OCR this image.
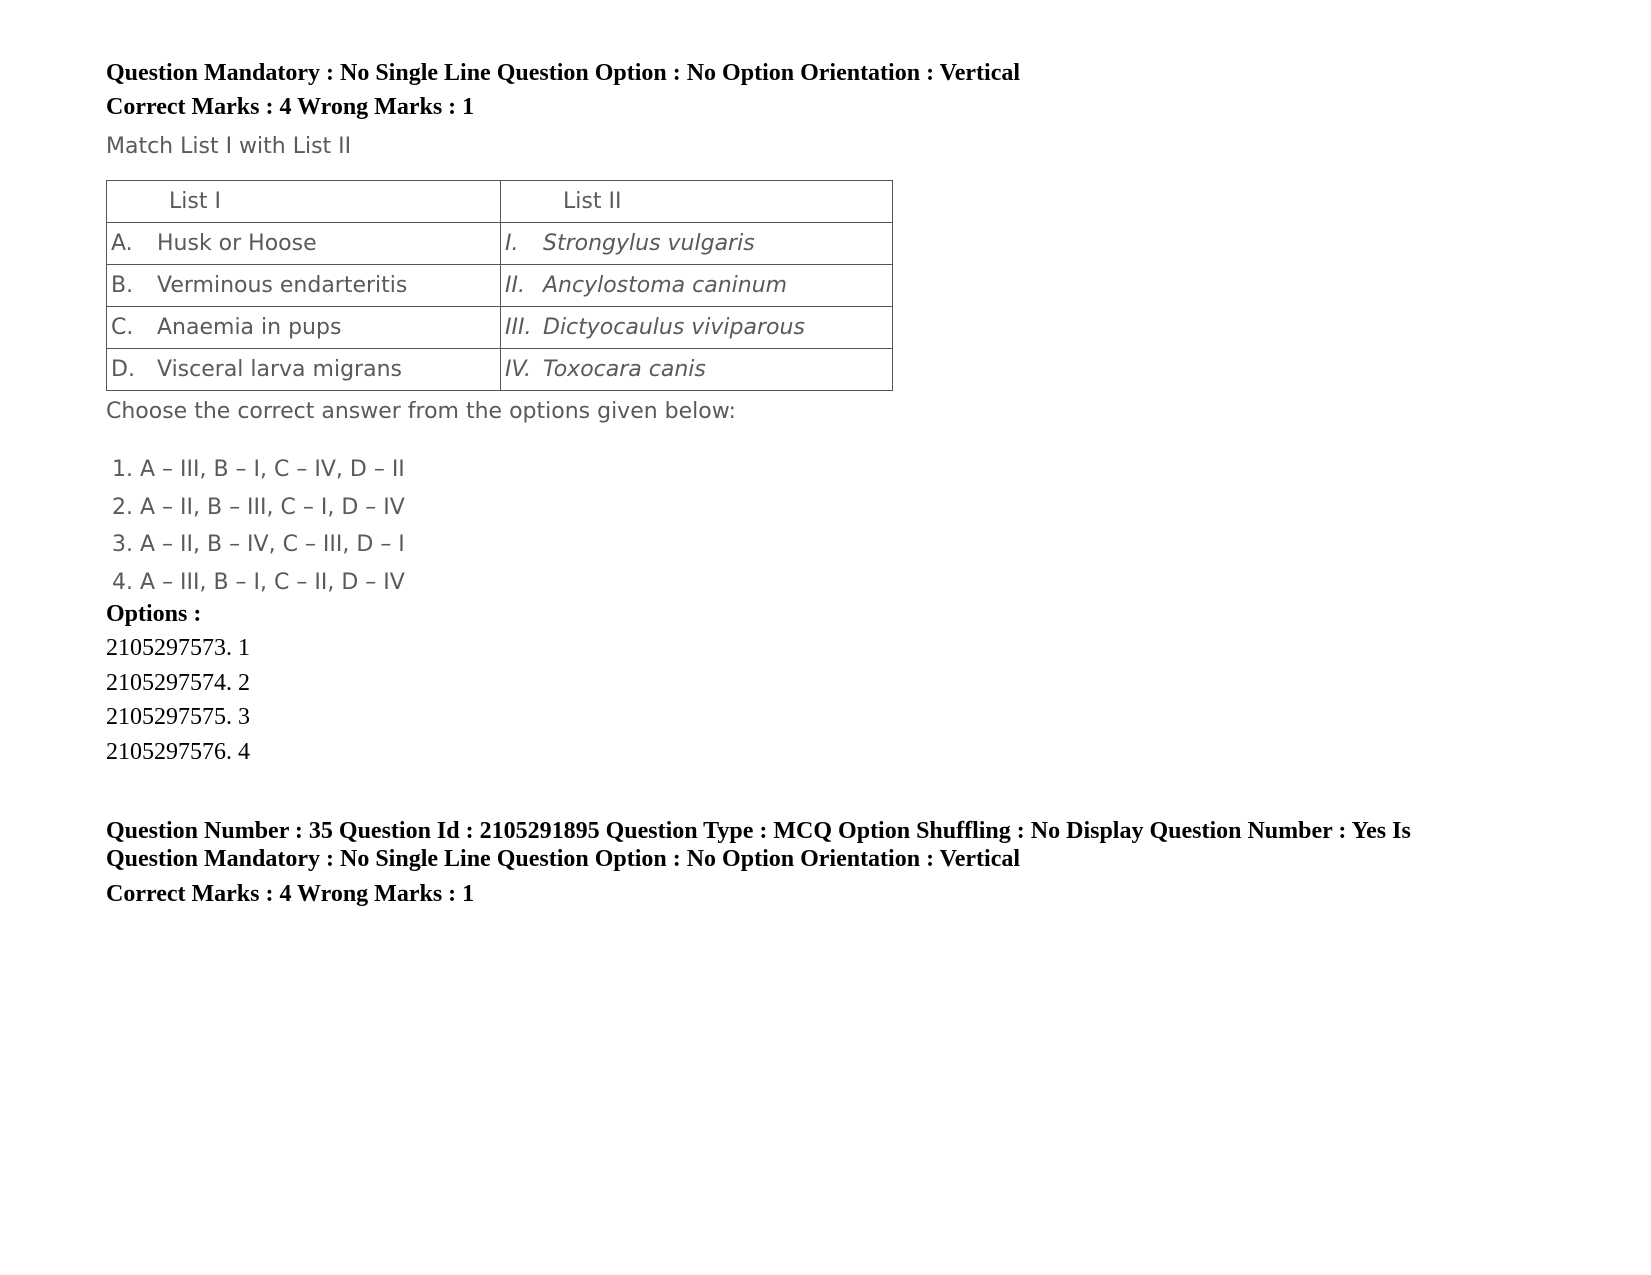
Question Mandatory : No Single Line Question Option : No Option Orientation : Vertical
Correct Marks : 4 Wrong Marks : 1
Match List I with List II
List I	List II
A. Husk or Hoose	I. Strongylus vulgaris
B. Verminous endarteritis	II. Ancylostoma caninum
C. Anaemia in pups	III. Dictyocaulus viviparous
D. Visceral larva migrans	IV. Toxocara canis
Choose the correct answer from the options given below:
1. A – III, B – I, C – IV, D – II
2. A – II, B – III, C – I, D – IV
3. A – II, B – IV, C – III, D – I
4. A – III, B – I, C – II, D – IV
Options :
2105297573. 1
2105297574. 2
2105297575. 3
2105297576. 4
Question Number : 35 Question Id : 2105291895 Question Type : MCQ Option Shuffling : No Display Question Number : Yes Is
Question Mandatory : No Single Line Question Option : No Option Orientation : Vertical
Correct Marks : 4 Wrong Marks : 1
